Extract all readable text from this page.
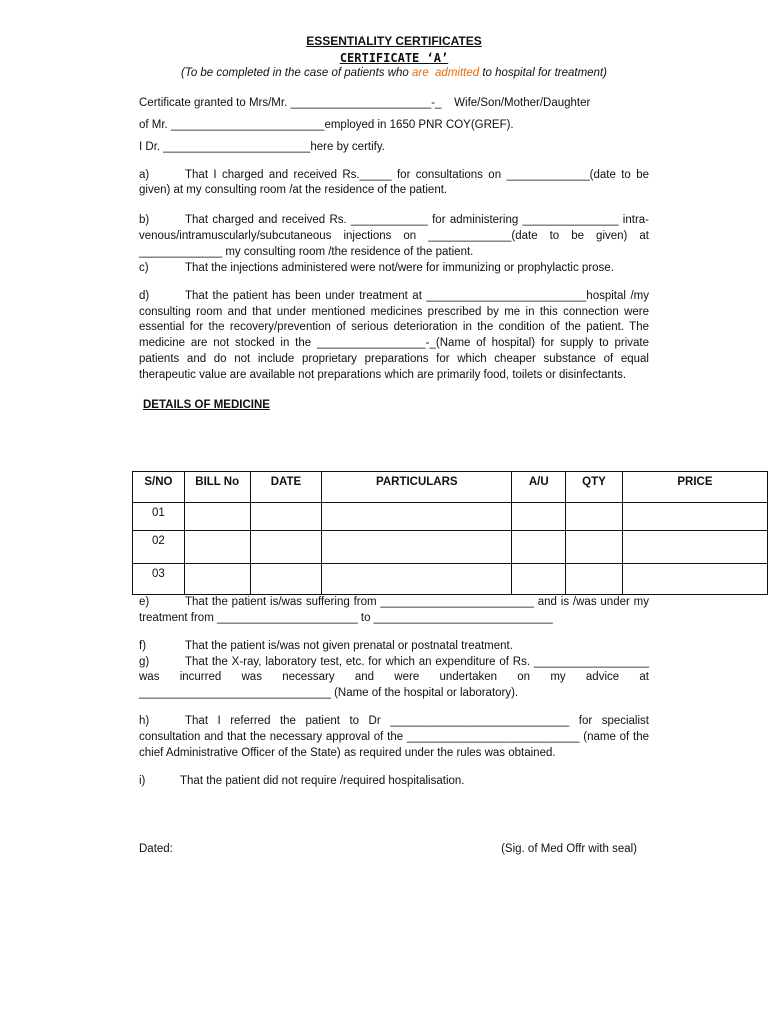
ESSENTIALITY CERTIFICATES
CERTIFICATE ‘A’
(To be completed in the case of patients who are admitted to hospital for treatment)

Certificate granted to Mrs/Mr. ______________________-_    Wife/Son/Mother/Daughter

of Mr. ________________________employed in 1650 PNR COY(GREF).

I Dr. _______________________here by certify.

a)	That I charged and received Rs._____ for consultations on _____________(date to be given) at my consulting room /at the residence of the patient.
b)	That charged and received Rs. ____________ for administering _______________ intra-venous/intramuscularly/subcutaneous injections on _____________(date to be given) at _____________ my consulting room /the residence of the patient.
c)	That the injections administered were not/were for immunizing or prophylactic prose.
d)	That the patient has been under treatment at _________________________hospital /my consulting room and that under mentioned medicines prescribed by me in this connection were essential for the recovery/prevention of serious deterioration in the condition of the patient. The medicine are not stocked in the _________________-_(Name of hospital) for supply to private patients and do not include proprietary preparations for which cheaper substance of equal therapeutic value are available not preparations which are primarily food, toilets or disinfectants.
DETAILS OF MEDICINE
S/NO	BILL No	DATE	PARTICULARS	A/U	QTY	PRICE
01						
02						
03						
e)	That the patient is/was suffering from ________________________ and is /was under my treatment from ______________________ to ____________________________
f)	That the patient is/was not given prenatal or postnatal treatment.
g)	That the X-ray, laboratory test, etc. for which an expenditure of Rs. __________________ was incurred was necessary and were undertaken on my advice at ______________________________ (Name of the hospital or laboratory).
h)	That I referred the patient to Dr ____________________________ for specialist consultation and that the necessary approval of the ___________________________ (name of the chief Administrative Officer of the State) as required under the rules was obtained.
i)	That the patient did not require /required hospitalisation.
Dated:	(Sig. of Med Offr with seal)
